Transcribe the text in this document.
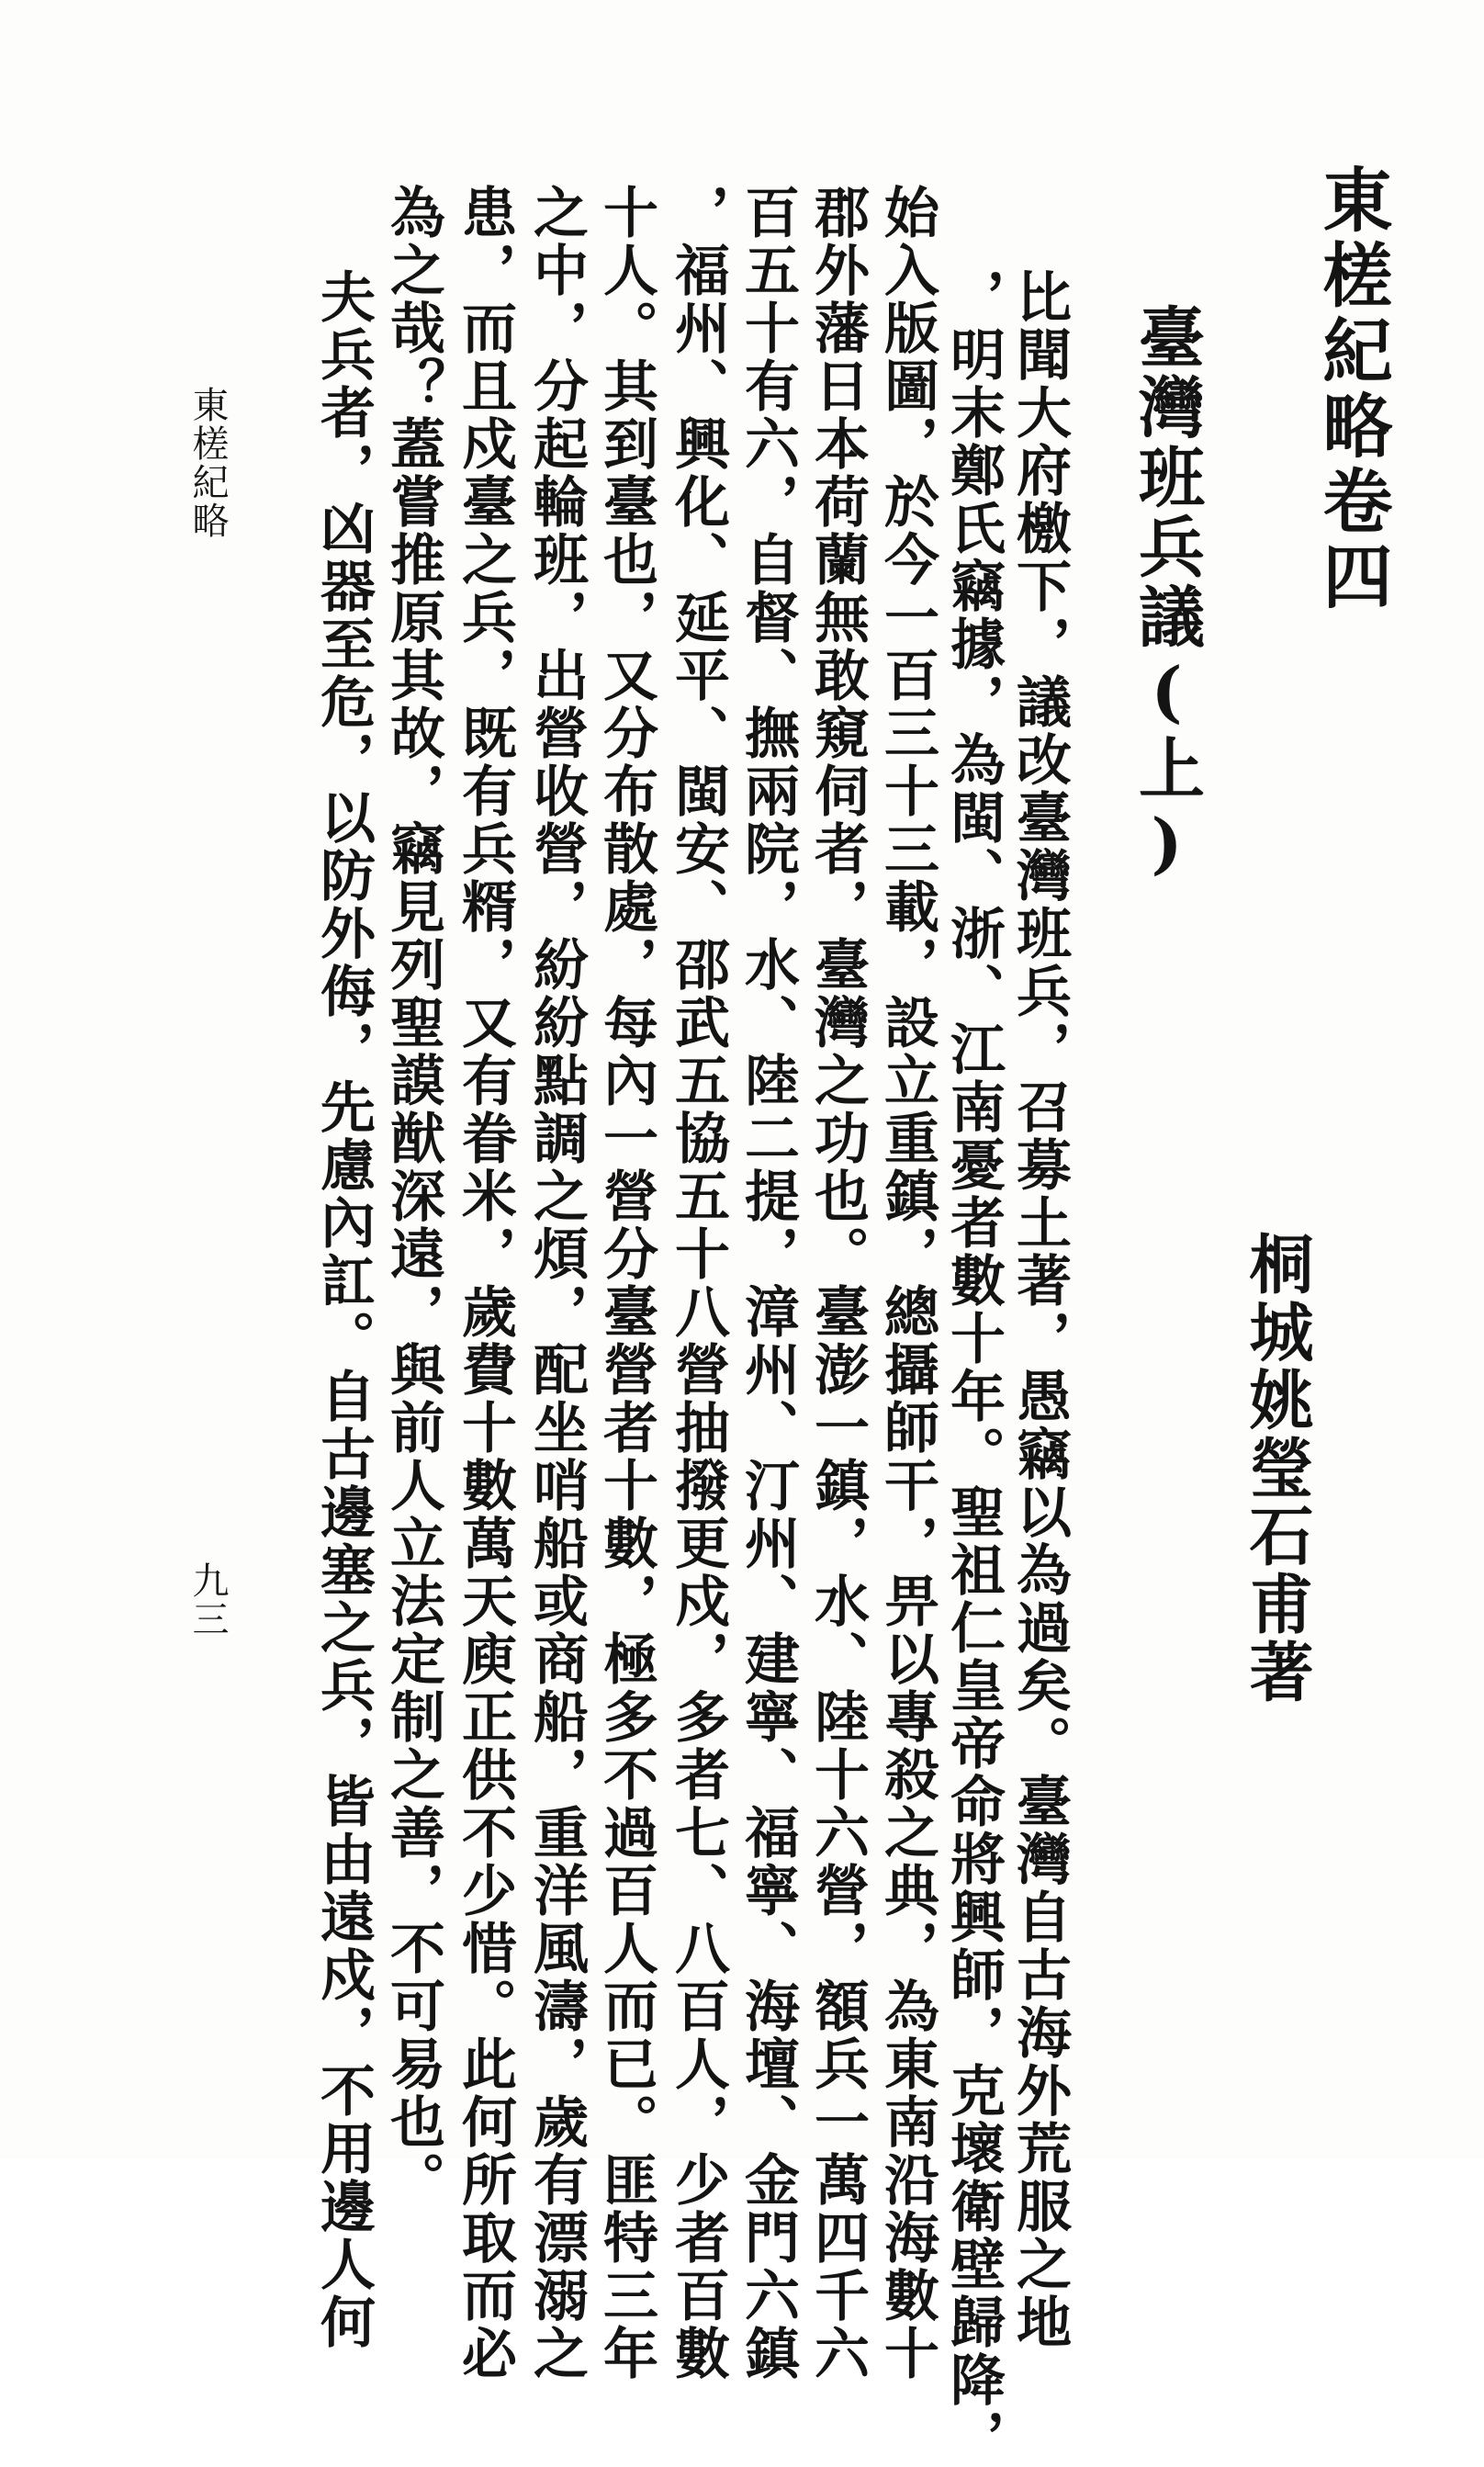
東槎紀略卷四
臺灣班兵議(上)
桐城姚瑩石甫著
比聞大府檄下，議改臺灣班兵，召募土著，愚竊以為過矣。臺灣自古海外荒服之地
，明末鄭氏竊據，為閩、浙、江南憂者數十年。聖祖仁皇帝命將興師，克壞衛壁歸降，
始入版圖，於今一百三十三載，設立重鎮，總攝師干，畀以專殺之典，為東南沿海數十
郡外藩日本荷蘭無敢窺伺者，臺灣之功也。臺澎一鎮，水、陸十六營，額兵一萬四千六
百五十有六，自督、撫兩院，水、陸二提，漳州、汀州、建寧、福寧、海壇、金門六鎮
，福州、興化、延平、閩安、邵武五協五十八營抽撥更戍，多者七、八百人，少者百數
十人。其到臺也，又分布散處，每內一營分臺營者十數，極多不過百人而已。匪特三年
之中，分起輪班，出營收營，紛紛點調之煩，配坐哨船或商船，重洋風濤，歲有漂溺之
患，而且戍臺之兵，既有兵糈，又有眷米，歲費十數萬天庾正供不少惜。此何所取而必
為之哉？蓋嘗推原其故，竊見列聖謨猷深遠，與前人立法定制之善，不可易也。
夫兵者，凶器至危，以防外侮，先慮內訌。自古邊塞之兵，皆由遠戍，不用邊人何
東槎紀略
九三
